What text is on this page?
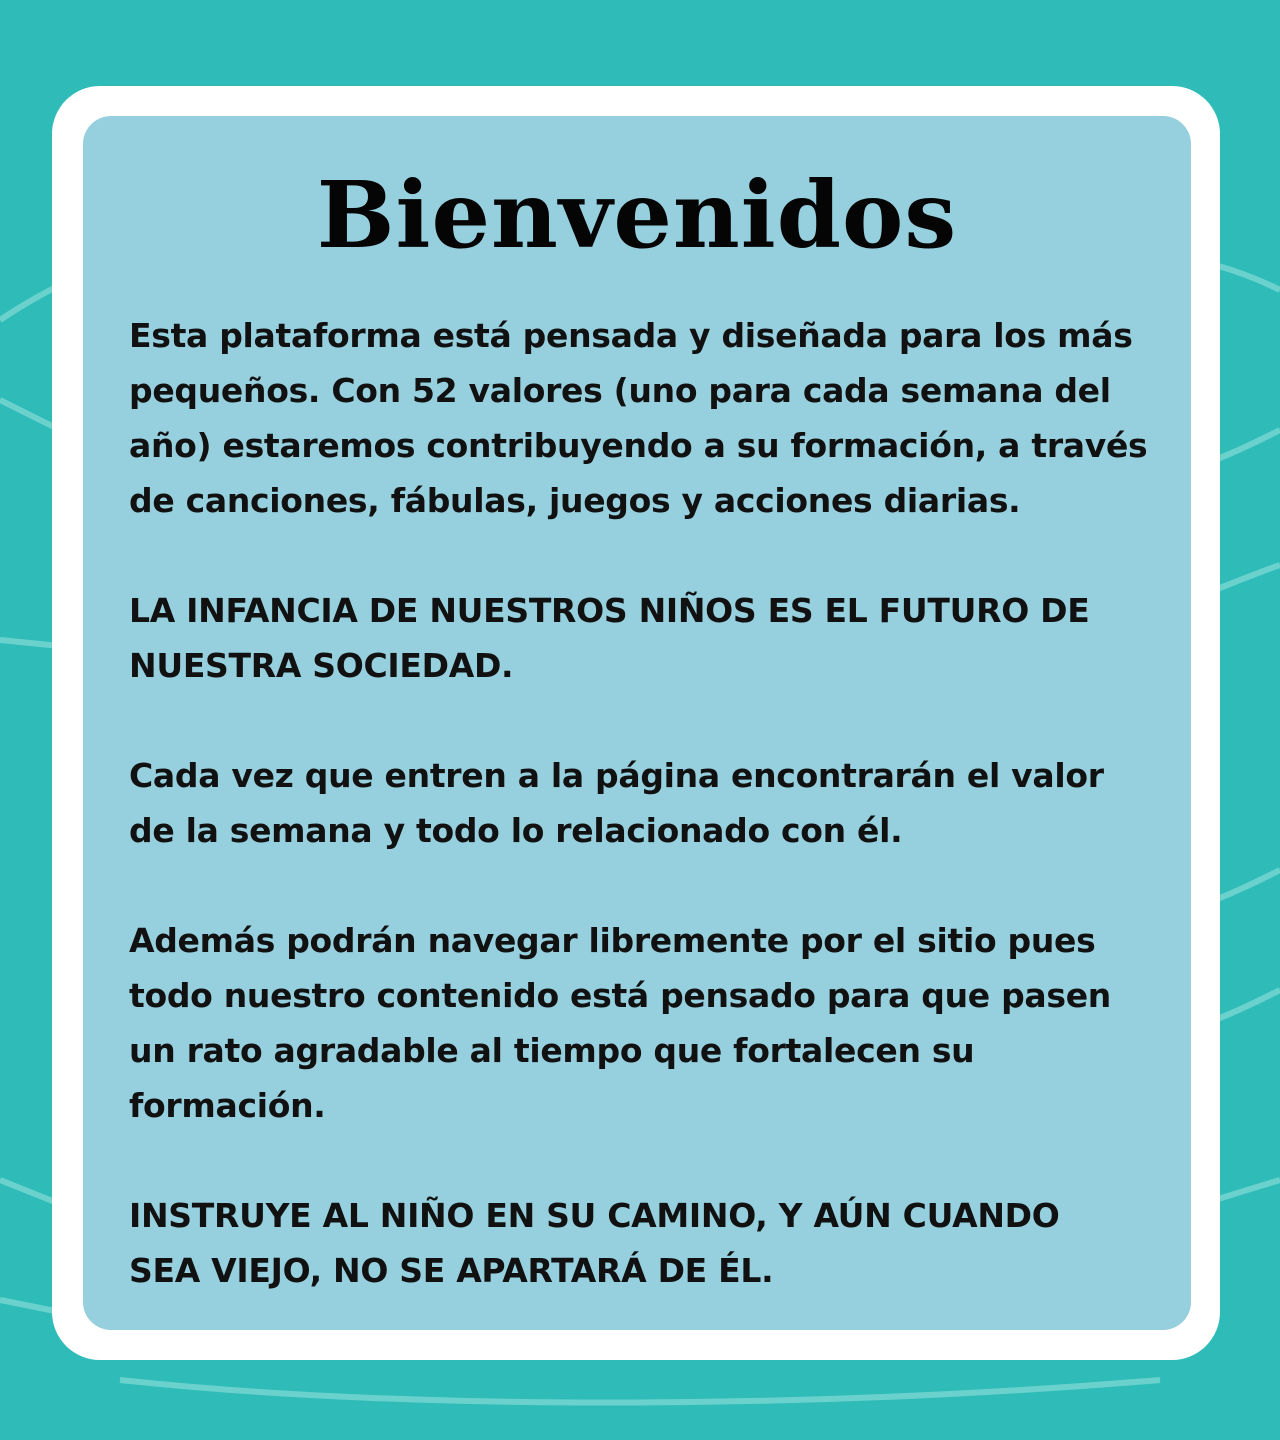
Bienvenidos

Esta plataforma está pensada y diseñada para los más
pequeños. Con 52 valores (uno para cada semana del
año) estaremos contribuyendo a su formación, a través
de canciones, fábulas, juegos y acciones diarias.

LA INFANCIA DE NUESTROS NIÑOS ES EL FUTURO DE
NUESTRA SOCIEDAD.

Cada vez que entren a la página encontrarán el valor
de la semana y todo lo relacionado con él.

Además podrán navegar libremente por el sitio pues
todo nuestro contenido está pensado para que pasen
un rato agradable al tiempo que fortalecen su
formación.

INSTRUYE AL NIÑO EN SU CAMINO, Y AÚN CUANDO
SEA VIEJO, NO SE APARTARÁ DE ÉL.
